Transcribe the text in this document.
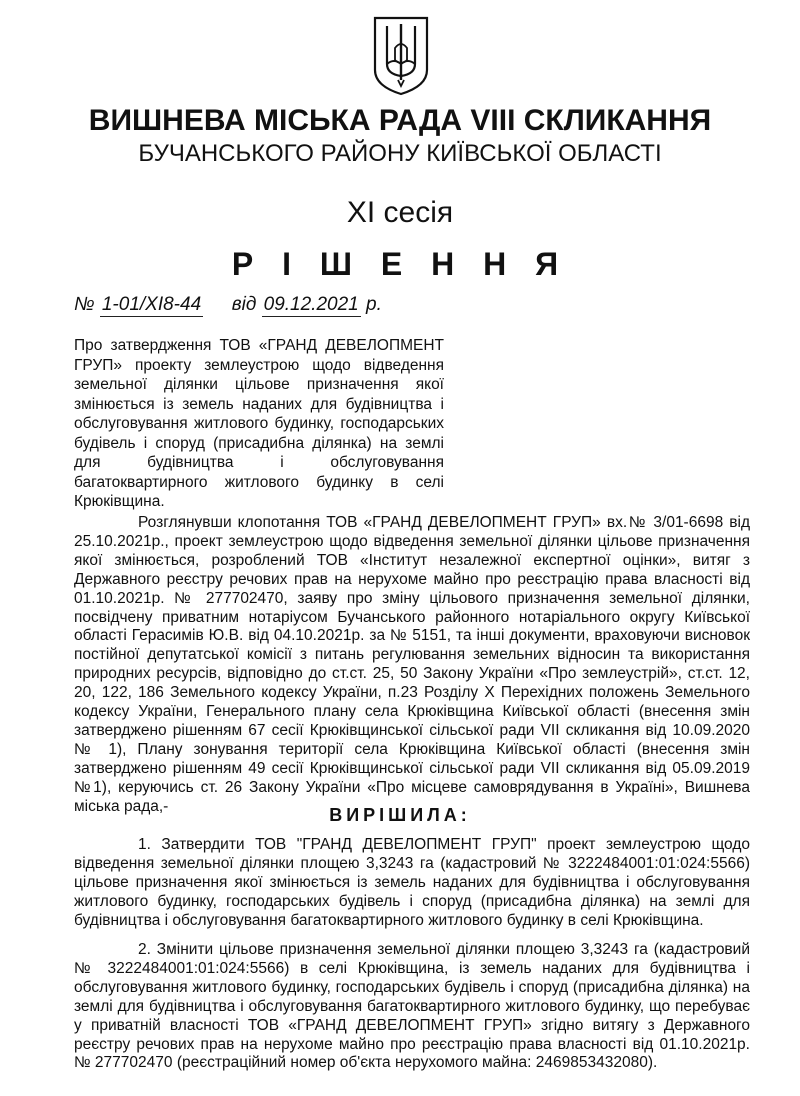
ВИШНЕВА МІСЬКА РАДА VIII СКЛИКАННЯ
БУЧАНСЬКОГО РАЙОНУ КИЇВСЬКОЇ ОБЛАСТІ
XI сесія
Р І Ш Е Н Н Я
№ 1-01/XI8-44 від 09.12.2021 р.
Про затвердження ТОВ «ГРАНД ДЕВЕЛОПМЕНТ ГРУП» проекту землеустрою щодо відведення земельної ділянки цільове призначення якої змінюється із земель наданих для будівництва і обслуговування житлового будинку, господарських будівель і споруд (присадибна ділянка) на землі для будівництва і обслуговування багатоквартирного житлового будинку в селі Крюківщина.

Розглянувши клопотання ТОВ «ГРАНД ДЕВЕЛОПМЕНТ ГРУП» вх.№ 3/01-6698 від 25.10.2021р., проект землеустрою щодо відведення земельної ділянки цільове призначення якої змінюється, розроблений ТОВ «Інститут незалежної експертної оцінки», витяг з Державного реєстру речових прав на нерухоме майно про реєстрацію права власності від 01.10.2021р. № 277702470, заяву про зміну цільового призначення земельної ділянки, посвідчену приватним нотаріусом Бучанського районного нотаріального округу Київської області Герасимів Ю.В. від 04.10.2021р. за № 5151, та інші документи, враховуючи висновок постійної депутатської комісії з питань регулювання земельних відносин та використання природних ресурсів, відповідно до ст.ст. 25, 50 Закону України «Про землеустрій», ст.ст. 12, 20, 122, 186 Земельного кодексу України, п.23 Розділу Х Перехідних положень Земельного кодексу України, Генерального плану села Крюківщина Київської області (внесення змін затверджено рішенням 67 сесії Крюківщинської сільської ради VII скликання від 10.09.2020 № 1), Плану зонування території села Крюківщина Київської області (внесення змін затверджено рішенням 49 сесії Крюківщинської сільської ради VII скликання від 05.09.2019 №1), керуючись ст. 26 Закону України «Про місцеве самоврядування в Україні», Вишнева міська рада,-	ВИРІШИЛА:

1. Затвердити ТОВ "ГРАНД ДЕВЕЛОПМЕНТ ГРУП" проект землеустрою щодо відведення земельної ділянки площею 3,3243 га (кадастровий № 3222484001:01:024:5566) цільове призначення якої змінюється із земель наданих для будівництва і обслуговування житлового будинку, господарських будівель і споруд (присадибна ділянка) на землі для будівництва і обслуговування багатоквартирного житлового будинку в селі Крюківщина.

2. Змінити цільове призначення земельної ділянки площею 3,3243 га (кадастровий № 3222484001:01:024:5566) в селі Крюківщина, із земель наданих для будівництва і обслуговування житлового будинку, господарських будівель і споруд (присадибна ділянка) на землі для будівництва і обслуговування багатоквартирного житлового будинку, що перебуває у приватній власності ТОВ «ГРАНД ДЕВЕЛОПМЕНТ ГРУП» згідно витягу з Державного реєстру речових прав на нерухоме майно про реєстрацію права власності від 01.10.2021р. № 277702470 (реєстраційний номер об'єкта нерухомого майна: 2469853432080).
